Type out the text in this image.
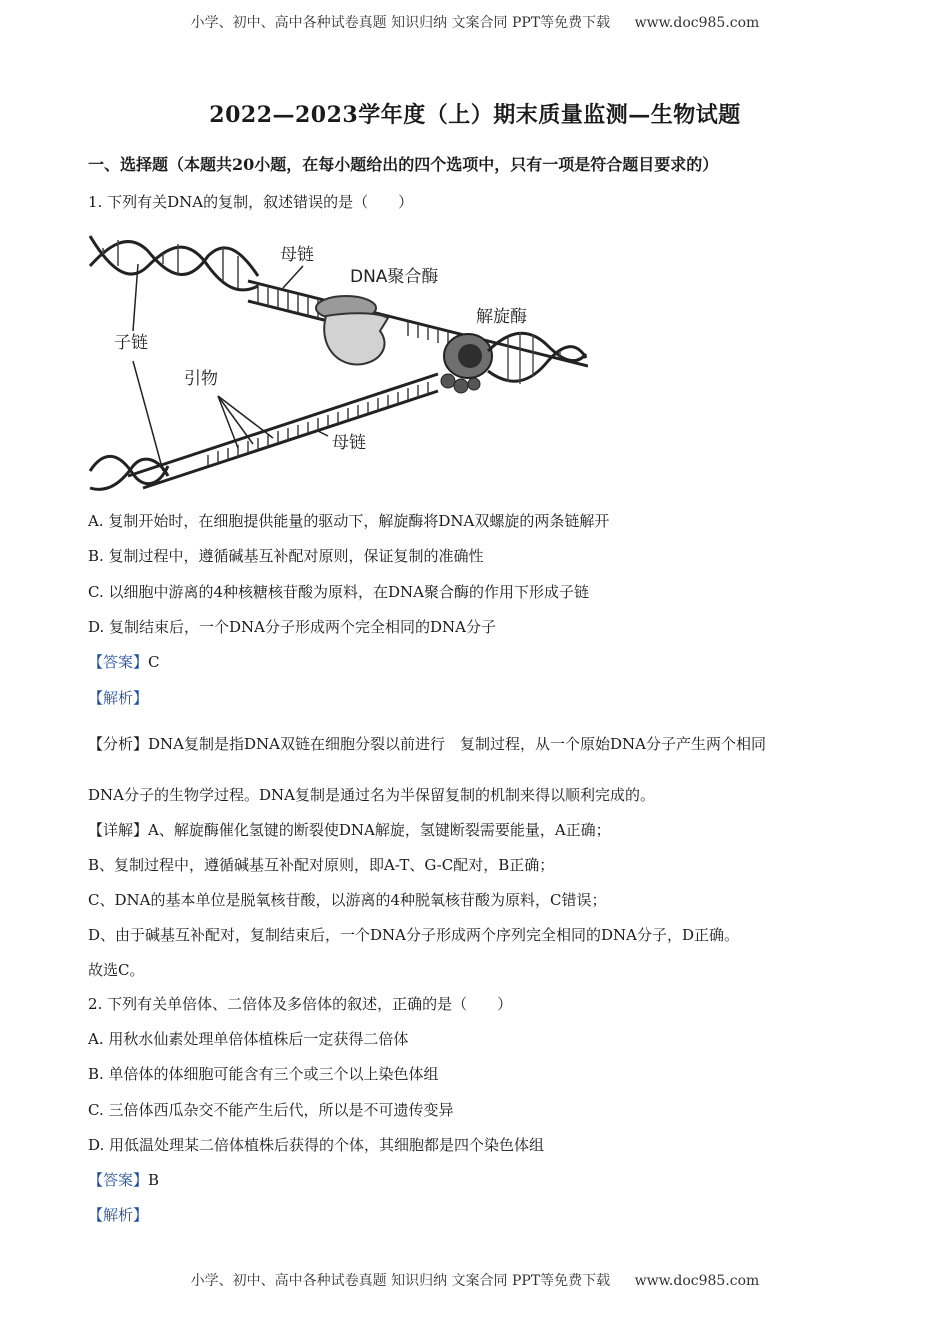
小学、初中、高中各种试卷真题 知识归纳 文案合同 PPT等免费下载 www.doc985.com
2022—2023学年度（上）期末质量监测—生物试题
一、选择题（本题共20小题，在每小题给出的四个选项中，只有一项是符合题目要求的）
1. 下列有关DNA的复制，叙述错误的是（　　）
母链
DNA聚合酶
解旋酶
子链
引物
母链
A. 复制开始时，在细胞提供能量的驱动下，解旋酶将DNA双螺旋的两条链解开
B. 复制过程中，遵循碱基互补配对原则，保证复制的准确性
C. 以细胞中游离的4种核糖核苷酸为原料，在DNA聚合酶的作用下形成子链
D. 复制结束后，一个DNA分子形成两个完全相同的DNA分子
【答案】C
【解析】
【分析】DNA复制是指DNA双链在细胞分裂以前进行　复制过程，从一个原始DNA分子产生两个相同
DNA分子的生物学过程。DNA复制是通过名为半保留复制的机制来得以顺利完成的。
【详解】A、解旋酶催化氢键的断裂使DNA解旋，氢键断裂需要能量，A正确；
B、复制过程中，遵循碱基互补配对原则，即A-T、G-C配对，B正确；
C、DNA的基本单位是脱氧核苷酸，以游离的4种脱氧核苷酸为原料，C错误；
D、由于碱基互补配对，复制结束后，一个DNA分子形成两个序列完全相同的DNA分子，D正确。
故选C。
2. 下列有关单倍体、二倍体及多倍体的叙述，正确的是（　　）
A. 用秋水仙素处理单倍体植株后一定获得二倍体
B. 单倍体的体细胞可能含有三个或三个以上染色体组
C. 三倍体西瓜杂交不能产生后代，所以是不可遗传变异
D. 用低温处理某二倍体植株后获得的个体，其细胞都是四个染色体组
【答案】B
【解析】
小学、初中、高中各种试卷真题 知识归纳 文案合同 PPT等免费下载 www.doc985.com
